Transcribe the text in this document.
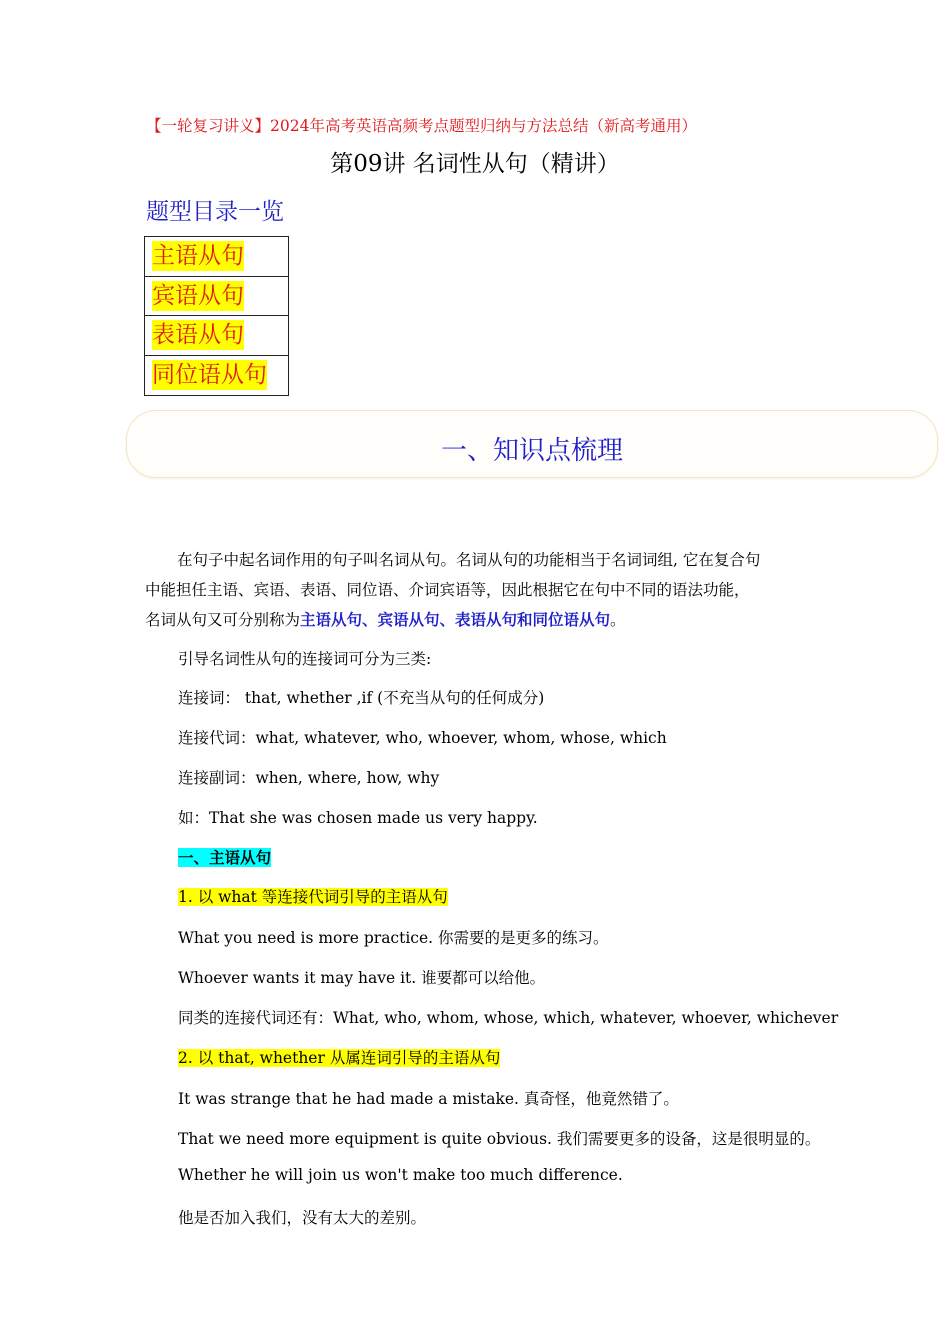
【一轮复习讲义】2024年高考英语高频考点题型归纳与方法总结（新高考通用）
第09讲 名词性从句（精讲）
题型目录一览
主语从句
宾语从句
表语从句
同位语从句
一、知识点梳理
在句子中起名词作用的句子叫名词从句。名词从句的功能相当于名词词组, 它在复合句
中能担任主语、宾语、表语、同位语、介词宾语等，因此根据它在句中不同的语法功能，
名词从句又可分别称为主语从句、宾语从句、表语从句和同位语从句。
引导名词性从句的连接词可分为三类:
连接词： that, whether ,if (不充当从句的任何成分)
连接代词：what, whatever, who, whoever, whom, whose, which
连接副词：when, where, how, why
如：That she was chosen made us very happy.
一、主语从句
1. 以 what 等连接代词引导的主语从句
What you need is more practice. 你需要的是更多的练习。
Whoever wants it may have it. 谁要都可以给他。
同类的连接代词还有：What, who, whom, whose, which, whatever, whoever, whichever
2. 以 that, whether 从属连词引导的主语从句
It was strange that he had made a mistake. 真奇怪，他竟然错了。
That we need more equipment is quite obvious. 我们需要更多的设备，这是很明显的。
Whether he will join us won't make too much difference.
他是否加入我们，没有太大的差别。
